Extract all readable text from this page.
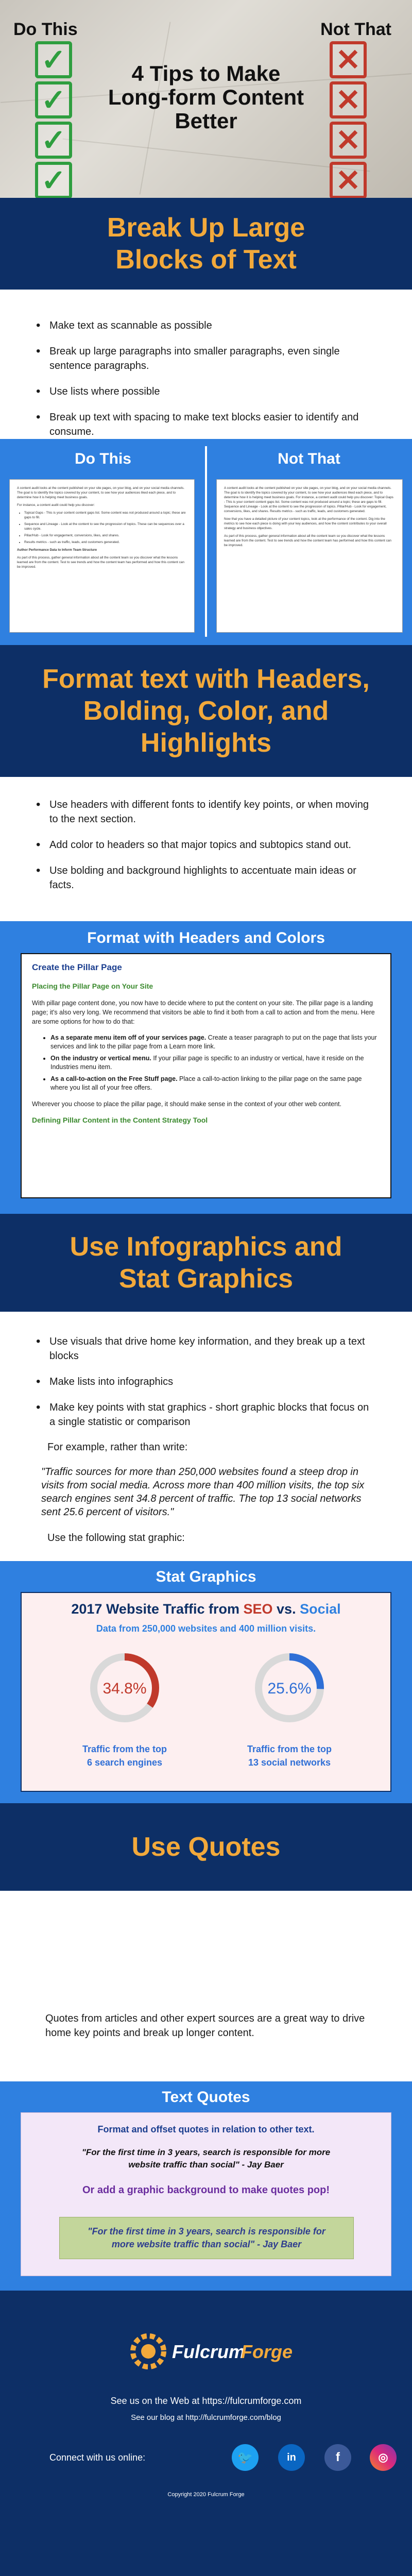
Do This	Not That
✓
✓
✓
✓
✕
✕
✕
✕
4 Tips to Make Long-form Content Better
Break Up Large Blocks of Text
• Make text as scannable as possible
• Break up large paragraphs into smaller paragraphs, even single sentence paragraphs.
• Use lists where possible
• Break up text with spacing to make text blocks easier to identify and consume.
Do This	Not That

A content audit looks at the content published on your site pages, on your blog, and on your social media channels. The goal is to identify the topics covered by your content, to see how your audiences liked each piece, and to determine how it is helping meet business goals.

For instance, a content audit could help you discover:

• Topical Gaps - This is your content content gaps list. Some content was not produced around a topic; these are gaps to fill.
• Sequence and Lineage - Look at the content to see the progression of topics. These can be sequences over a sales cycle.
• Pillar/Hub - Look for engagement, conversions, likes, and shares.
• Results metrics - such as traffic, leads, and customers generated.

Author Performance Data to Inform Team Structure

As part of this process, gather general information about all the content team so you discover what the lessons learned are from the content. Test to see trends and how the content team has performed and how this content can be improved.

A content audit looks at the content published on your site pages, on your blog, and on your social media channels. The goal is to identify the topics covered by your content, to see how your audiences liked each piece, and to determine how it is helping meet business goals. For instance, a content audit could help you discover: Topical Gaps - This is your content content gaps list. Some content was not produced around a topic; these are gaps to fill. Sequence and Lineage - Look at the content to see the progression of topics. Pillar/Hub - Look for engagement, conversions, likes, and shares. Results metrics - such as traffic, leads, and customers generated.

Now that you have a detailed picture of your content topics, look at the performance of the content. Dig into the metrics to see how each piece is doing with your key audiences, and how the content contributes to your overall strategy and business objectives.

As part of this process, gather general information about all the content team so you discover what the lessons learned are from the content. Test to see trends and how the content team has performed and how this content can be improved.

Format text with Headers, Bolding, Color, and Highlights
• Use headers with different fonts to identify key points, or when moving to the next section.
• Add color to headers so that major topics and subtopics stand out.
• Use bolding and background highlights to accentuate main ideas or facts.
Format with Headers and Colors
Create the Pillar Page
Placing the Pillar Page on Your Site

With pillar page content done, you now have to decide where to put the content on your site. The pillar page is a landing page; it's also very long. We recommend that visitors be able to find it both from a call to action and from the menu. Here are some options for how to do that:

• As a separate menu item off of your services page. Create a teaser paragraph to put on the page that lists your services and link to the pillar page from a Learn more link.
• On the industry or vertical menu. If your pillar page is specific to an industry or vertical, have it reside on the Industries menu item.
• As a call-to-action on the Free Stuff page. Place a call-to-action linking to the pillar page on the same page where you list all of your free offers.

Wherever you choose to place the pillar page, it should make sense in the context of your other web content.

Defining Pillar Content in the Content Strategy Tool
Use Infographics and Stat Graphics
• Use visuals that drive home key information, and they break up a text blocks
• Make lists into infographics
• Make key points with stat graphics - short graphic blocks that focus on a single statistic or comparison
For example, rather than write:
"Traffic sources for more than 250,000 websites found a steep drop in visits from social media. Across more than 400 million visits, the top six search engines sent 34.8 percent of traffic. The top 13 social networks sent 25.6 percent of visitors."
Use the following stat graphic:
Stat Graphics
2017 Website Traffic from SEO vs. Social
Data from 250,000 websites and 400 million visits.
34.8%
Traffic from the top
6 search engines
25.6%
Traffic from the top
13 social networks
Use Quotes
Quotes from articles and other expert sources are a great way to drive home key points and break up longer content.
Text Quotes
Format and offset quotes in relation to other text.
"For the first time in 3 years, search is responsible for more website traffic than social" - Jay Baer
Or add a graphic background to make quotes pop!
"For the first time in 3 years, search is responsible for more website traffic than social" - Jay Baer
Fulcrum
Forge
See us on the Web at https://fulcrumforge.com
See our blog at http://fulcrumforge.com/blog
Connect with us online:	🐦	in	f	◎
Copyright 2020 Fulcrum Forge
